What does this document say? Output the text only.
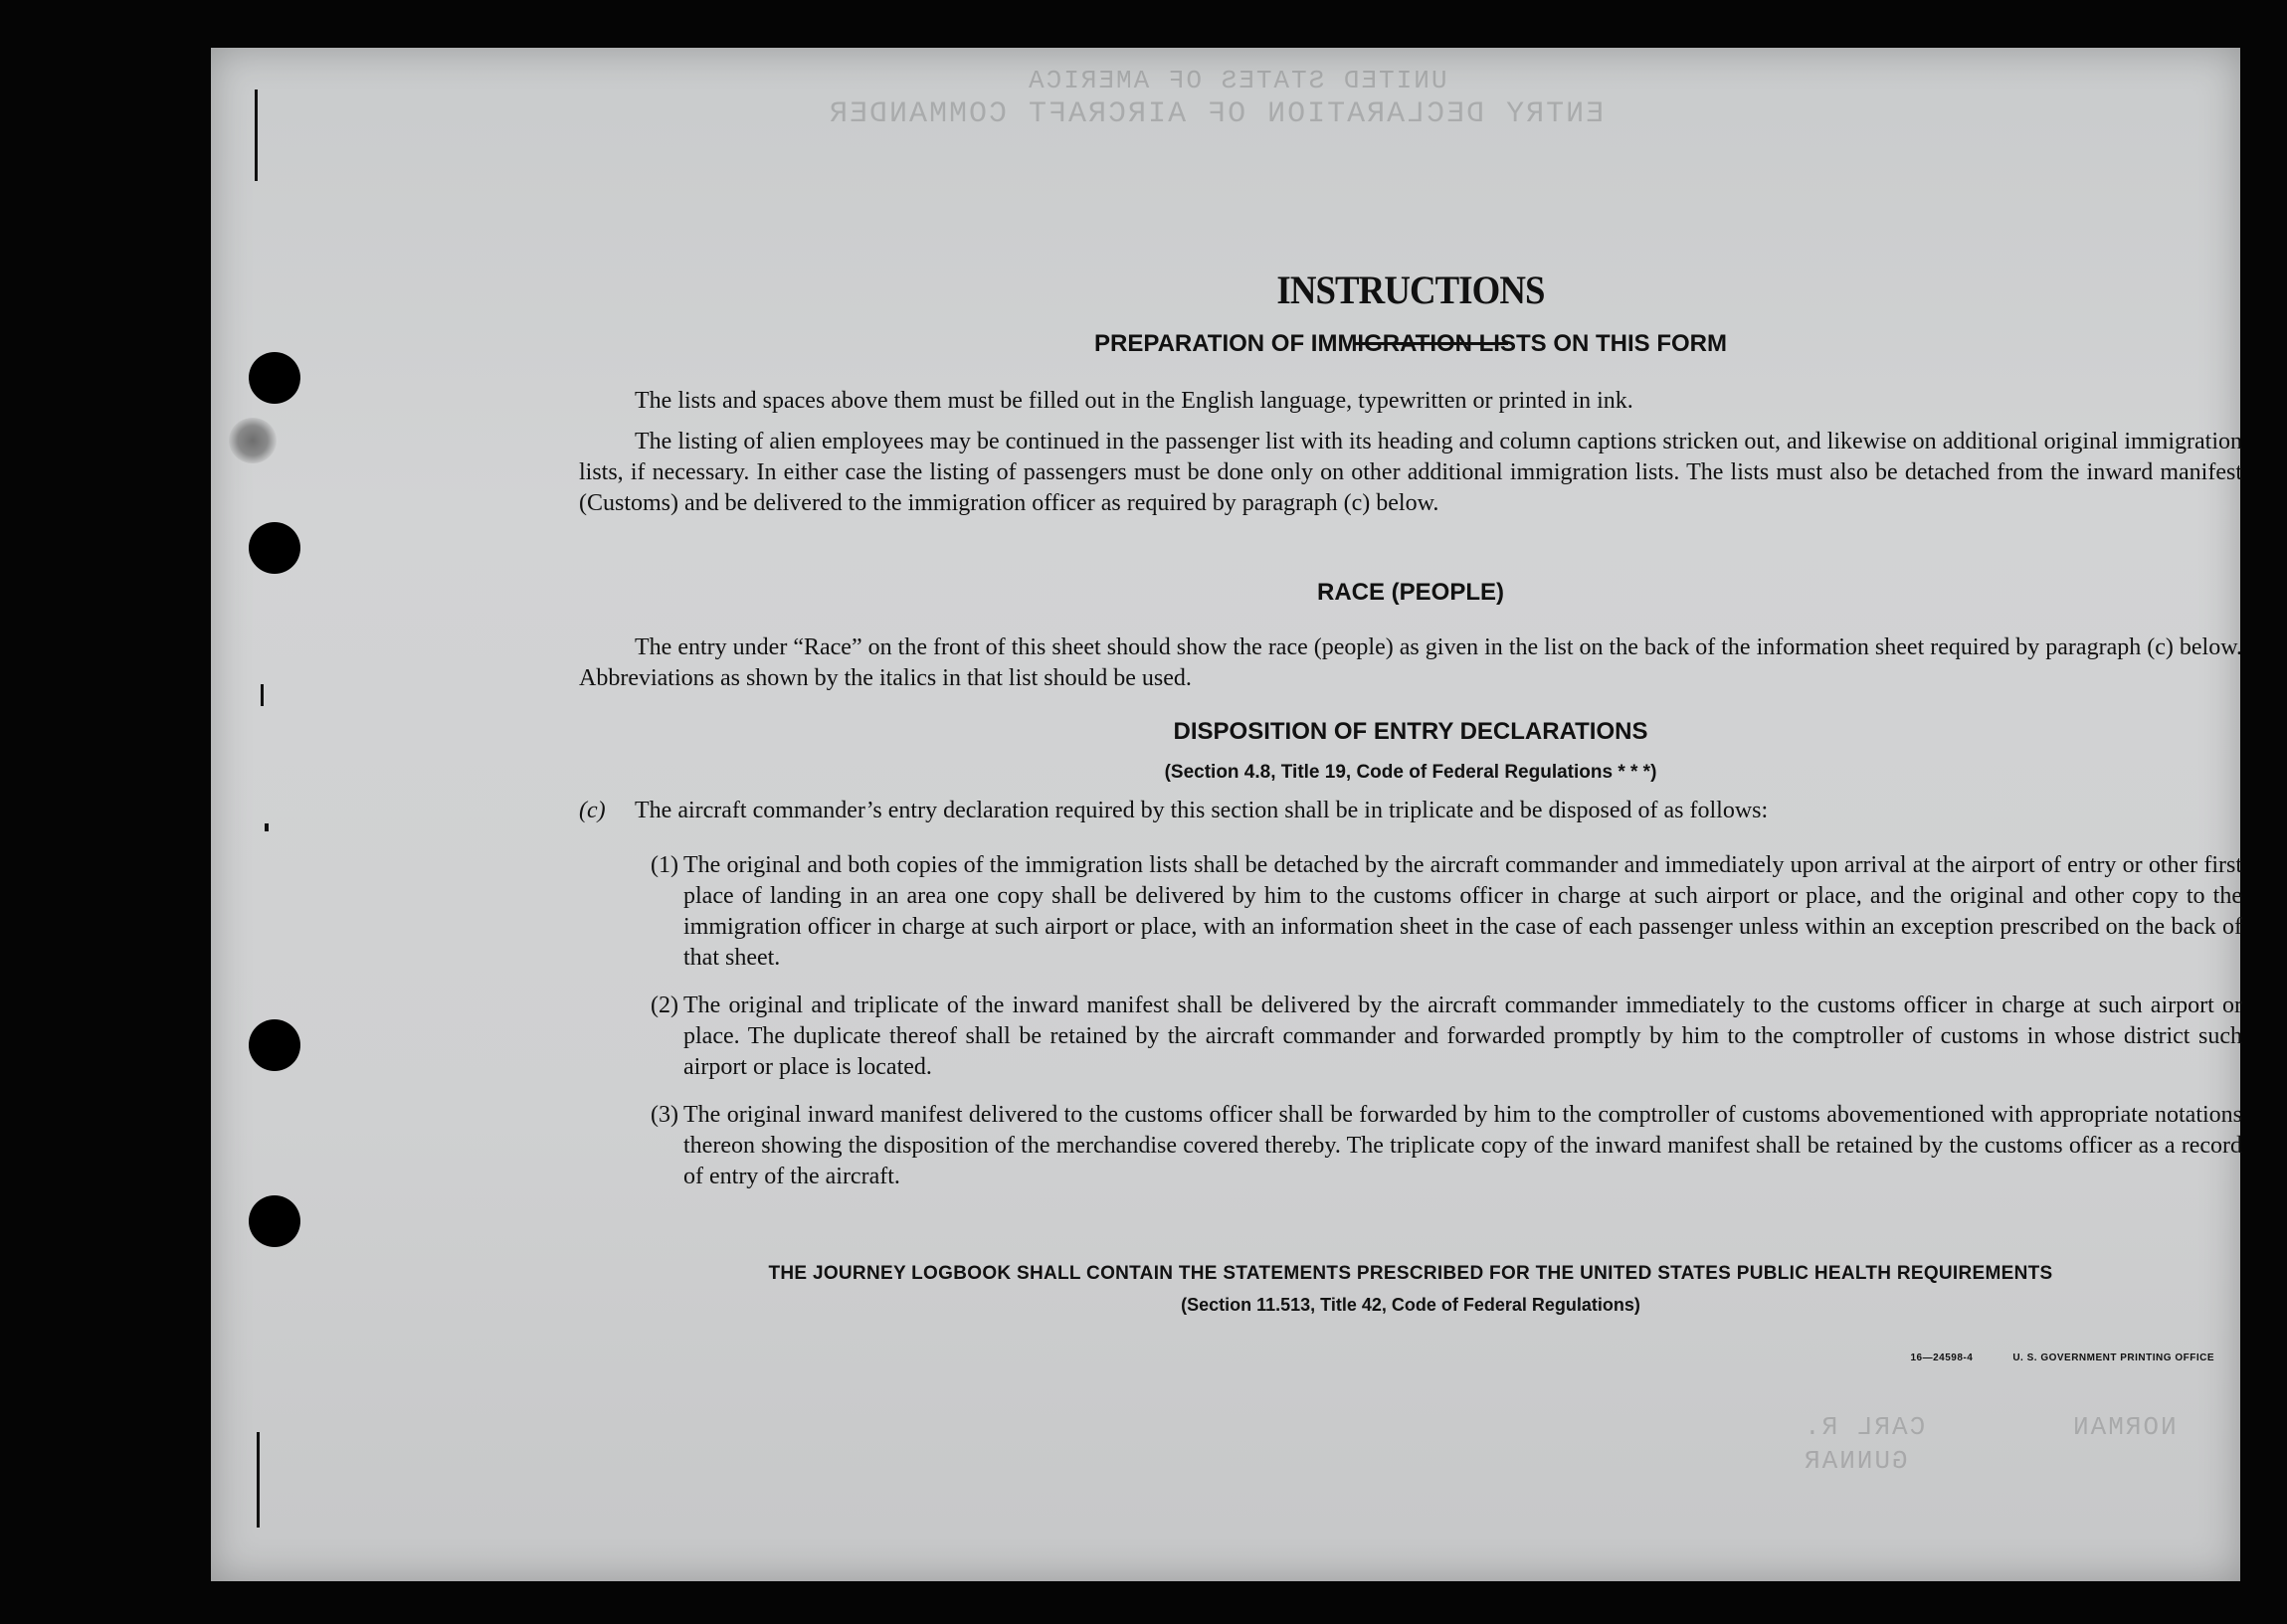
UNITED STATES OF AMERICA
ENTRY DECLARATION OF AIRCRAFT COMMANDER
NORMAN
CARL R.
GUNNAR
INSTRUCTIONS
PREPARATION OF IMMIGRATION LISTS ON THIS FORM
The lists and spaces above them must be filled out in the English language, typewritten or printed in ink.
The listing of alien employees may be continued in the passenger list with its heading and column captions stricken out, and likewise on additional original immigration lists, if necessary. In either case the listing of passengers must be done only on other additional immigration lists. The lists must also be detached from the inward manifest (Customs) and be delivered to the immigration officer as required by paragraph (c) below.
RACE (PEOPLE)
The entry under “Race” on the front of this sheet should show the race (people) as given in the list on the back of the information sheet required by paragraph (c) below. Abbreviations as shown by the italics in that list should be used.
DISPOSITION OF ENTRY DECLARATIONS
(Section 4.8, Title 19, Code of Federal Regulations * * *)
(c) The aircraft commander’s entry declaration required by this section shall be in triplicate and be disposed of as follows:
(1) The original and both copies of the immigration lists shall be detached by the aircraft commander and immediately upon arrival at the airport of entry or other first place of landing in an area one copy shall be delivered by him to the customs officer in charge at such airport or place, and the original and other copy to the immigration officer in charge at such airport or place, with an information sheet in the case of each passenger unless within an exception prescribed on the back of that sheet.
(2) The original and triplicate of the inward manifest shall be delivered by the aircraft commander immediately to the customs officer in charge at such airport or place. The duplicate thereof shall be retained by the aircraft commander and forwarded promptly by him to the comptroller of customs in whose district such airport or place is located.
(3) The original inward manifest delivered to the customs officer shall be forwarded by him to the comptroller of customs abovementioned with appropriate notations thereon showing the disposition of the merchandise covered thereby. The triplicate copy of the inward manifest shall be retained by the customs officer as a record of entry of the aircraft.
THE JOURNEY LOGBOOK SHALL CONTAIN THE STATEMENTS PRESCRIBED FOR THE UNITED STATES PUBLIC HEALTH REQUIREMENTS
(Section 11.513, Title 42, Code of Federal Regulations)
16—24598-4	U. S. GOVERNMENT PRINTING OFFICE
